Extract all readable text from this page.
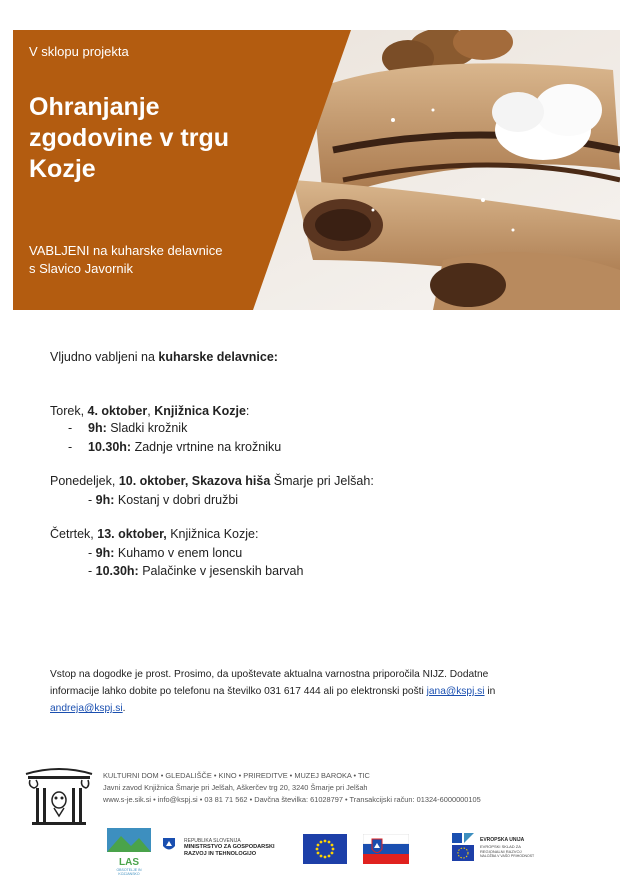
V sklopu projekta
Ohranjanje zgodovine v trgu Kozje
VABLJENI na kuharske delavnice
s Slavico Javornik
Vljudno vabljeni na kuharske delavnice:
Torek, 4. oktober, Knjižnica Kozje:
- 9h: Sladki krožnik
- 10.30h: Zadnje vrtnine na krožniku
Ponedeljek, 10. oktober, Skazova hiša Šmarje pri Jelšah:
- 9h: Kostanj v dobri družbi
Četrtek, 13. oktober, Knjižnica Kozje:
- 9h: Kuhamo v enem loncu
- 10.30h: Palačinke v jesenskih barvah
Vstop na dogodke je prost. Prosimo, da upoštevate aktualna varnostna priporočila NIJZ. Dodatne
informacije lahko dobite po telefonu na številko 031 617 444 ali po elektronski pošti jana@kspj.si in
andreja@kspj.si.
KULTURNI DOM • GLEDALIŠČE • KINO • PRIREDITVE • MUZEJ BAROKA • TIC
Javni zavod Knjižnica Šmarje pri Jelšah, Aškerčev trg 20, 3240 Šmarje pri Jelšah
www.s-je.sik.si • info@kspj.si • 03 81 71 562 • Davčna številka: 61028797 • Transakcijski račun: 01324-6000000105
LAS
OBSOTELJE IN KOZJANSKO
REPUBLIKA SLOVENIJA
MINISTRSTVO ZA GOSPODARSKI
RAZVOJ IN TEHNOLOGIJO
EVROPSKA UNIJA
EVROPSKI SKLAD ZA
REGIONALNI RAZVOJ
NALOŽBA V VAŠO PRIHODNOST
